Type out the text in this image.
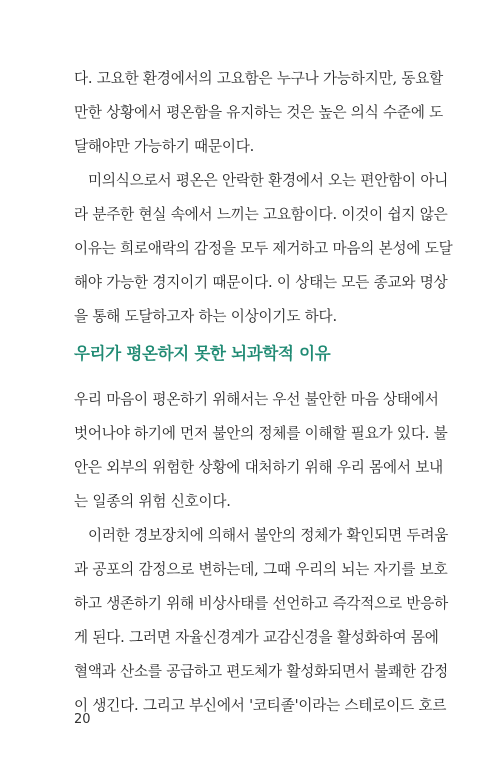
다. 고요한 환경에서의 고요함은 누구나 가능하지만, 동요할
만한 상황에서 평온함을 유지하는 것은 높은 의식 수준에 도
달해야만 가능하기 때문이다.
미의식으로서 평온은 안락한 환경에서 오는 편안함이 아니
라 분주한 현실 속에서 느끼는 고요함이다. 이것이 쉽지 않은
이유는 희로애락의 감정을 모두 제거하고 마음의 본성에 도달
해야 가능한 경지이기 때문이다. 이 상태는 모든 종교와 명상
을 통해 도달하고자 하는 이상이기도 하다.
우리가 평온하지 못한 뇌과학적 이유
우리 마음이 평온하기 위해서는 우선 불안한 마음 상태에서
벗어나야 하기에 먼저 불안의 정체를 이해할 필요가 있다. 불
안은 외부의 위험한 상황에 대처하기 위해 우리 몸에서 보내
는 일종의 위험 신호이다.
이러한 경보장치에 의해서 불안의 정체가 확인되면 두려움
과 공포의 감정으로 변하는데, 그때 우리의 뇌는 자기를 보호
하고 생존하기 위해 비상사태를 선언하고 즉각적으로 반응하
게 된다. 그러면 자율신경계가 교감신경을 활성화하여 몸에
혈액과 산소를 공급하고 편도체가 활성화되면서 불쾌한 감정
이 생긴다. 그리고 부신에서 '코티졸'이라는 스테로이드 호르
20
